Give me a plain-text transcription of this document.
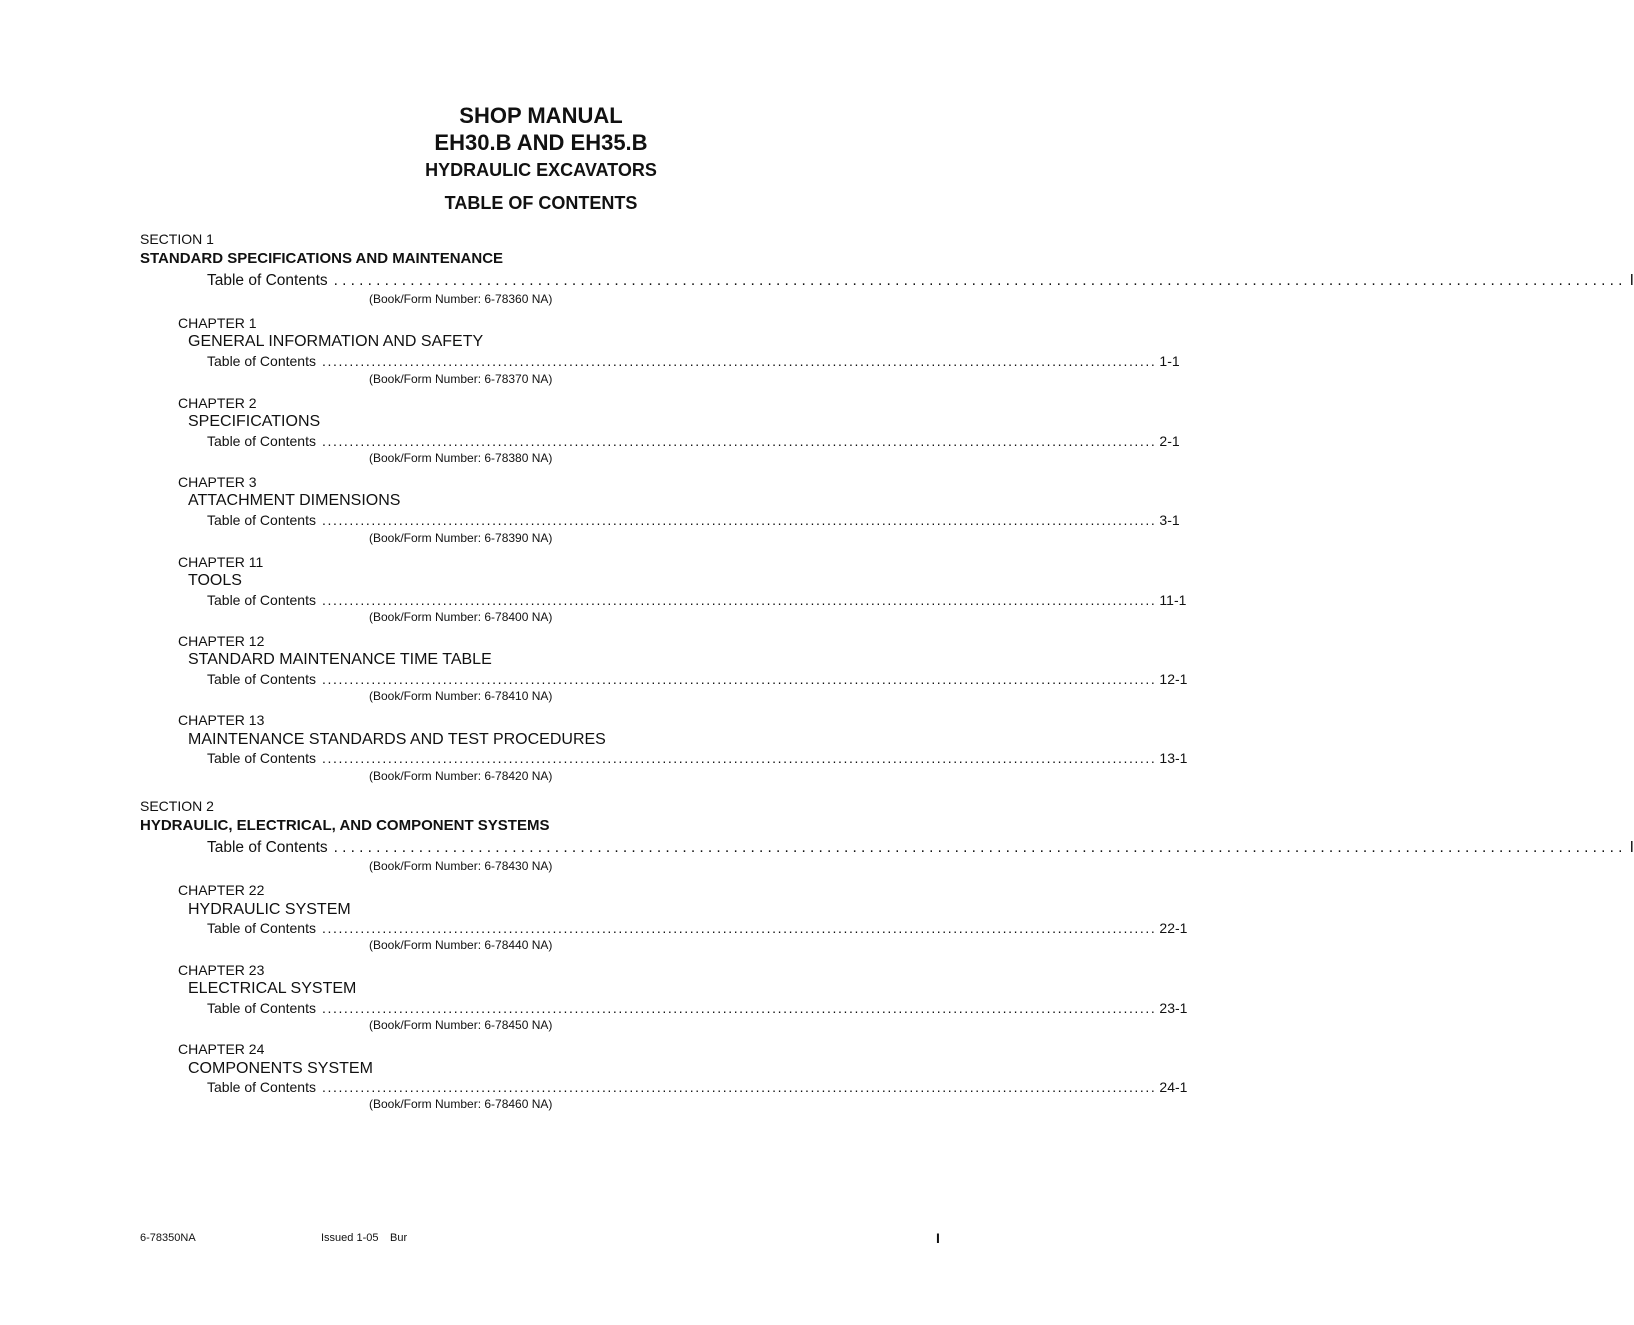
SHOP MANUAL
EH30.B AND EH35.B
HYDRAULIC EXCAVATORS
TABLE OF CONTENTS
SECTION 1
STANDARD SPECIFICATIONS AND MAINTENANCE
Table of Contents ........................................................................................................................................................ I
(Book/Form Number: 6-78360 NA)
CHAPTER 1
GENERAL INFORMATION AND SAFETY
Table of Contents ........................................................................................................................................................ 1-1
(Book/Form Number: 6-78370 NA)
CHAPTER 2
SPECIFICATIONS
Table of Contents ........................................................................................................................................................ 2-1
(Book/Form Number: 6-78380 NA)
CHAPTER 3
ATTACHMENT DIMENSIONS
Table of Contents ........................................................................................................................................................ 3-1
(Book/Form Number: 6-78390 NA)
CHAPTER 11
TOOLS
Table of Contents ........................................................................................................................................................ 11-1
(Book/Form Number: 6-78400 NA)
CHAPTER 12
STANDARD MAINTENANCE TIME TABLE
Table of Contents ........................................................................................................................................................ 12-1
(Book/Form Number: 6-78410 NA)
CHAPTER 13
MAINTENANCE STANDARDS AND TEST PROCEDURES
Table of Contents ........................................................................................................................................................ 13-1
(Book/Form Number: 6-78420 NA)
SECTION 2
HYDRAULIC, ELECTRICAL, AND COMPONENT SYSTEMS
Table of Contents ........................................................................................................................................................ I
(Book/Form Number: 6-78430 NA)
CHAPTER 22
HYDRAULIC SYSTEM
Table of Contents ........................................................................................................................................................ 22-1
(Book/Form Number: 6-78440 NA)
CHAPTER 23
ELECTRICAL SYSTEM
Table of Contents ........................................................................................................................................................ 23-1
(Book/Form Number: 6-78450 NA)
CHAPTER 24
COMPONENTS SYSTEM
Table of Contents ........................................................................................................................................................ 24-1
(Book/Form Number: 6-78460 NA)
6-78350NA	Issued 1-05 Bur	I
